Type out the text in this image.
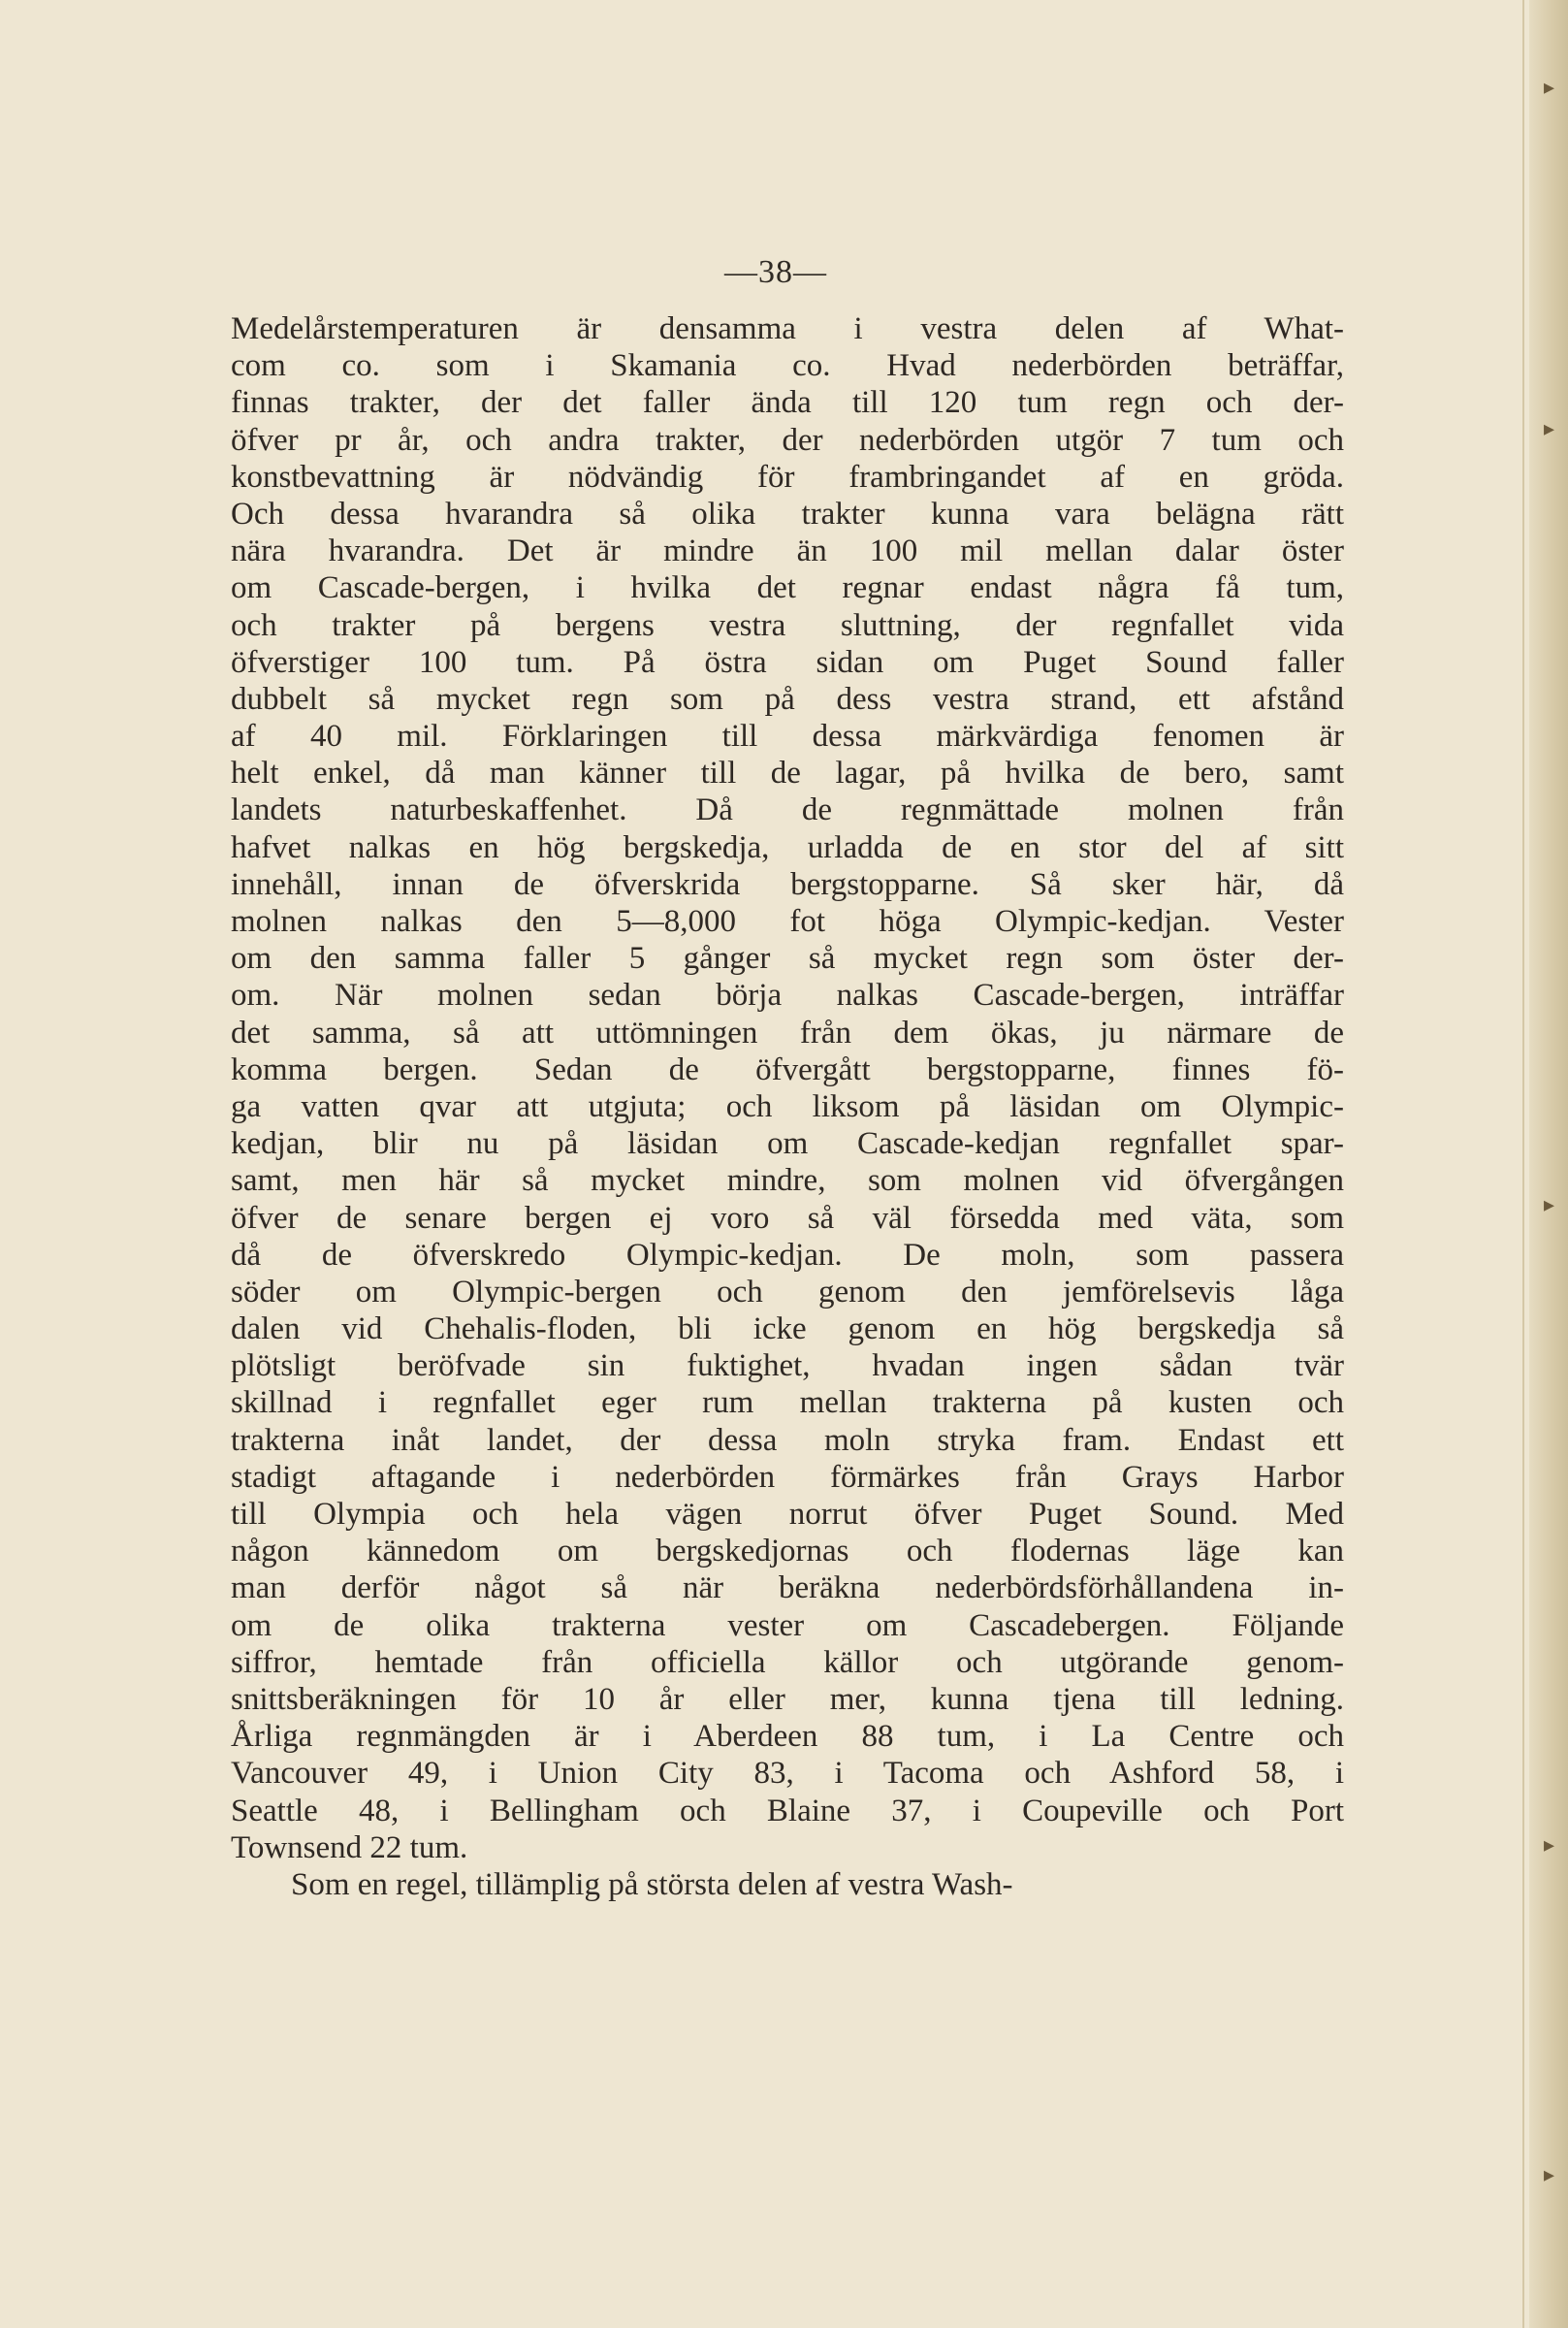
—38—
Medelårstemperaturen är densamma i vestra delen af What-
com co. som i Skamania co. Hvad nederbörden beträffar,
finnas trakter, der det faller ända till 120 tum regn och der-
öfver pr år, och andra trakter, der nederbörden utgör 7 tum och
konstbevattning är nödvändig för frambringandet af en gröda.
Och dessa hvarandra så olika trakter kunna vara belägna rätt
nära hvarandra. Det är mindre än 100 mil mellan dalar öster
om Cascade-bergen, i hvilka det regnar endast några få tum,
och trakter på bergens vestra sluttning, der regnfallet vida
öfverstiger 100 tum. På östra sidan om Puget Sound faller
dubbelt så mycket regn som på dess vestra strand, ett afstånd
af 40 mil. Förklaringen till dessa märkvärdiga fenomen är
helt enkel, då man känner till de lagar, på hvilka de bero, samt
landets naturbeskaffenhet. Då de regnmättade molnen från
hafvet nalkas en hög bergskedja, urladda de en stor del af sitt
innehåll, innan de öfverskrida bergstopparne. Så sker här, då
molnen nalkas den 5—8,000 fot höga Olympic-kedjan. Vester
om den samma faller 5 gånger så mycket regn som öster der-
om. När molnen sedan börja nalkas Cascade-bergen, inträffar
det samma, så att uttömningen från dem ökas, ju närmare de
komma bergen. Sedan de öfvergått bergstopparne, finnes fö-
ga vatten qvar att utgjuta; och liksom på läsidan om Olympic-
kedjan, blir nu på läsidan om Cascade-kedjan regnfallet spar-
samt, men här så mycket mindre, som molnen vid öfvergången
öfver de senare bergen ej voro så väl försedda med väta, som
då de öfverskredo Olympic-kedjan. De moln, som passera
söder om Olympic-bergen och genom den jemförelsevis låga
dalen vid Chehalis-floden, bli icke genom en hög bergskedja så
plötsligt beröfvade sin fuktighet, hvadan ingen sådan tvär
skillnad i regnfallet eger rum mellan trakterna på kusten och
trakterna inåt landet, der dessa moln stryka fram. Endast ett
stadigt aftagande i nederbörden förmärkes från Grays Harbor
till Olympia och hela vägen norrut öfver Puget Sound. Med
någon kännedom om bergskedjornas och flodernas läge kan
man derför något så när beräkna nederbördsförhållandena in-
om de olika trakterna vester om Cascadebergen. Följande
siffror, hemtade från officiella källor och utgörande genom-
snittsberäkningen för 10 år eller mer, kunna tjena till ledning.
Årliga regnmängden är i Aberdeen 88 tum, i La Centre och
Vancouver 49, i Union City 83, i Tacoma och Ashford 58, i
Seattle 48, i Bellingham och Blaine 37, i Coupeville och Port
Townsend 22 tum.
Som en regel, tillämplig på största delen af vestra Wash-
▸
▸
▸
▸
▸
